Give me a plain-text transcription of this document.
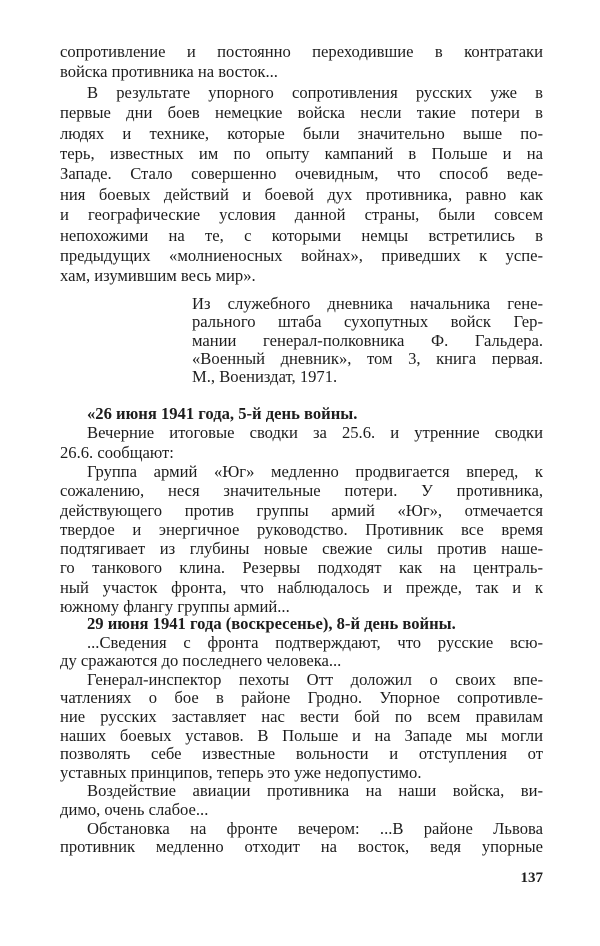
сопротивление и постоянно переходившие в контратаки
войска противника на восток...
В результате упорного сопротивления русских уже в
первые дни боев немецкие войска несли такие потери в
людях и технике, которые были значительно выше по-
терь, известных им по опыту кампаний в Польше и на
Западе. Стало совершенно очевидным, что способ веде-
ния боевых действий и боевой дух противника, равно как
и географические условия данной страны, были совсем
непохожими на те, с которыми немцы встретились в
предыдущих «молниеносных войнах», приведших к успе-
хам, изумившим весь мир».
Из служебного дневника начальника гене-
рального штаба сухопутных войск Гер-
мании генерал-полковника Ф. Гальдера.
«Военный дневник», том 3, книга первая.
М., Воениздат, 1971.
«26 июня 1941 года, 5-й день войны.
Вечерние итоговые сводки за 25.6. и утренние сводки
26.6. сообщают:
Группа армий «Юг» медленно продвигается вперед, к
сожалению, неся значительные потери. У противника,
действующего против группы армий «Юг», отмечается
твердое и энергичное руководство. Противник все время
подтягивает из глубины новые свежие силы против наше-
го танкового клина. Резервы подходят как на централь-
ный участок фронта, что наблюдалось и прежде, так и к
южному флангу группы армий...
29 июня 1941 года (воскресенье), 8-й день войны.
...Сведения с фронта подтверждают, что русские всю-
ду сражаются до последнего человека...
Генерал-инспектор пехоты Отт доложил о своих впе-
чатлениях о бое в районе Гродно. Упорное сопротивле-
ние русских заставляет нас вести бой по всем правилам
наших боевых уставов. В Польше и на Западе мы могли
позволять себе известные вольности и отступления от
уставных принципов, теперь это уже недопустимо.
Воздействие авиации противника на наши войска, ви-
димо, очень слабое...
Обстановка на фронте вечером: ...В районе Львова
противник медленно отходит на восток, ведя упорные
137
